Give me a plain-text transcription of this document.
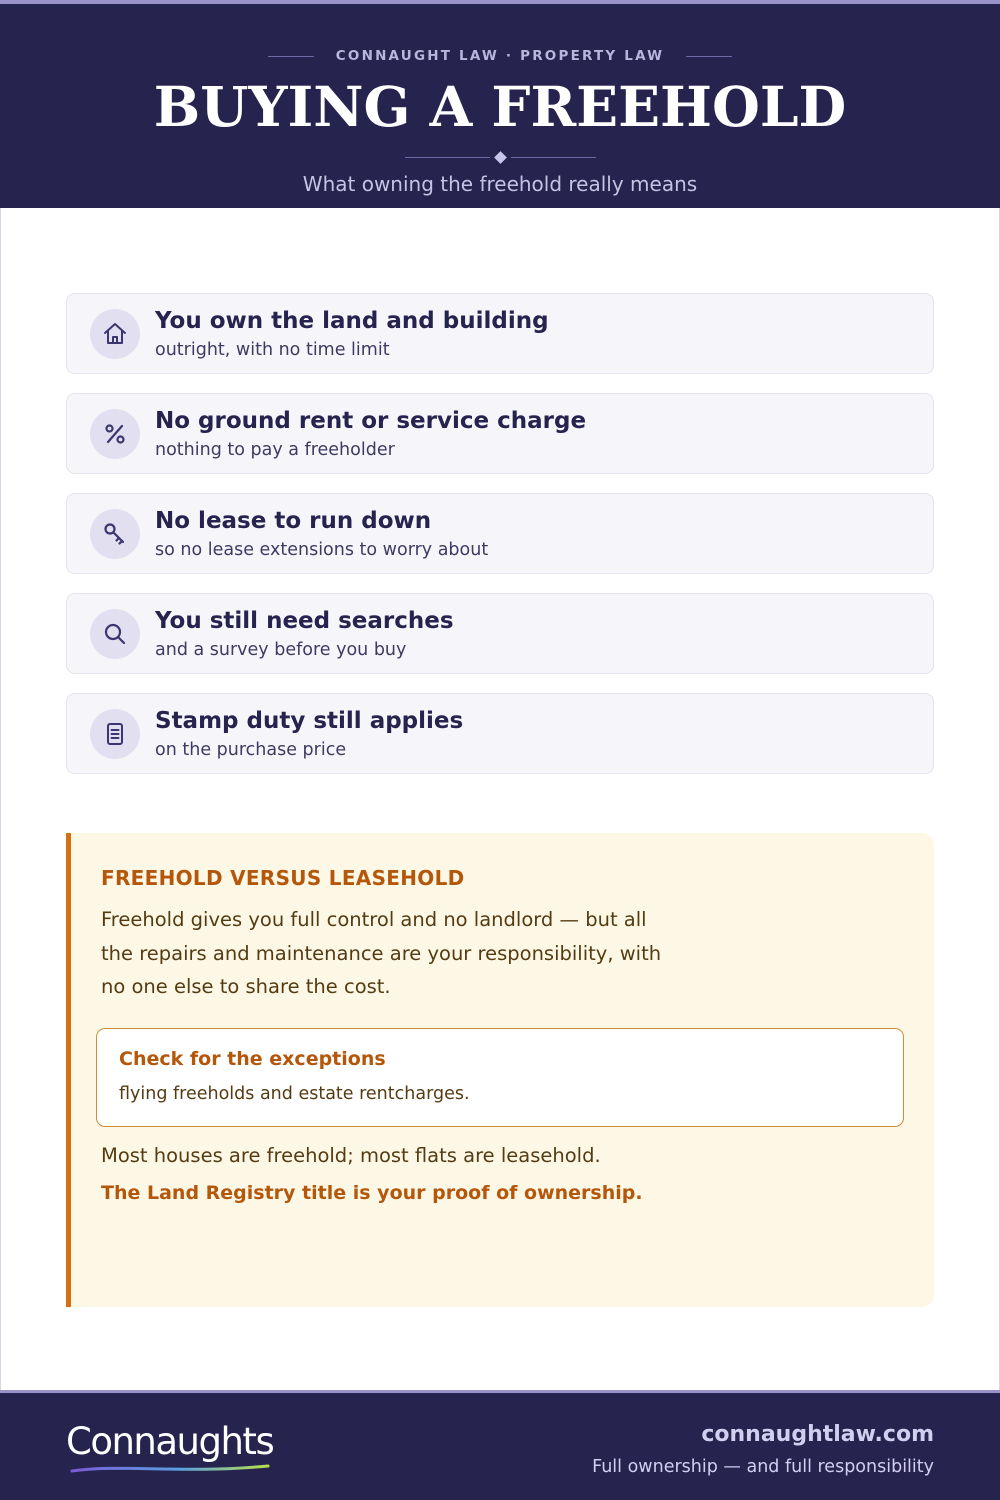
CONNAUGHT LAW · PROPERTY LAW
BUYING A FREEHOLD
What owning the freehold really means
You own the land and building
outright, with no time limit
No ground rent or service charge
nothing to pay a freeholder
No lease to run down
so no lease extensions to worry about
You still need searches
and a survey before you buy
Stamp duty still applies
on the purchase price
FREEHOLD VERSUS LEASEHOLD

Freehold gives you full control and no landlord — but all the repairs and maintenance are your responsibility, with no one else to share the cost.

Check for the exceptions
flying freeholds and estate rentcharges.
Most houses are freehold; most flats are leasehold.
The Land Registry title is your proof of ownership.
Connaughts	connaughtlaw.com
Full ownership — and full responsibility
